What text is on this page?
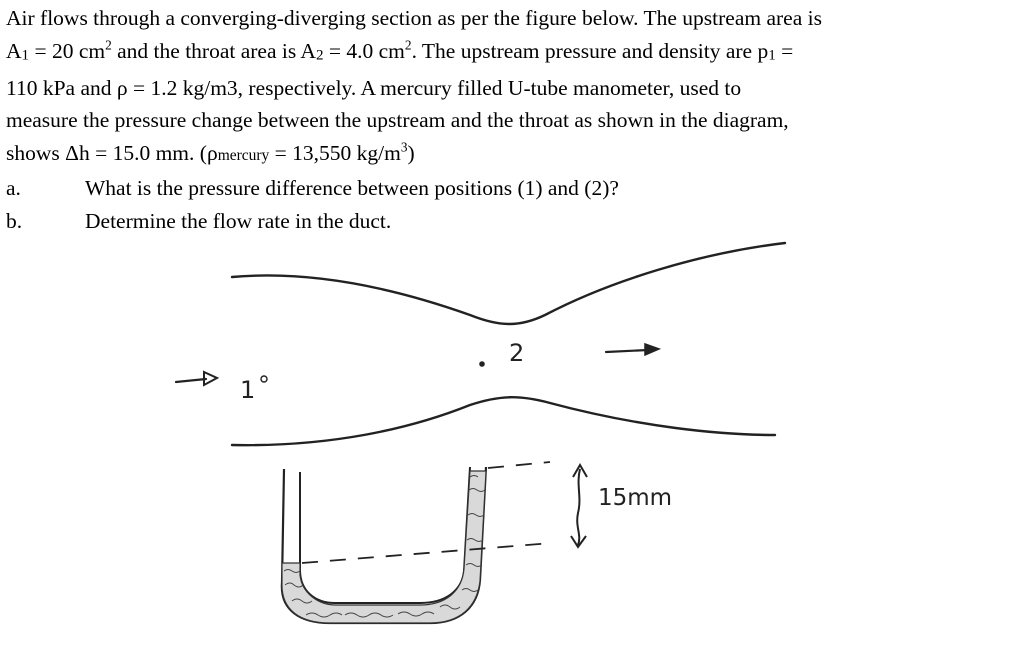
Air flows through a converging-diverging section as per the figure below. The upstream area is
A1 = 20 $cm^2$ and the throat area is A2 = 4.0 $cm^2$. The upstream pressure and density are p1 =
110 kPa and ρ = 1.2 kg/m3, respectively. A mercury filled U-tube manometer, used to
measure the pressure change between the upstream and the throat as shown in the diagram,
shows Δh = 15.0 mm. (ρmercury = 13,550 $kg/m^3$)
a.	What is the pressure difference between positions (1) and (2)?
b.	Determine the flow rate in the duct.
1
2
15mm
